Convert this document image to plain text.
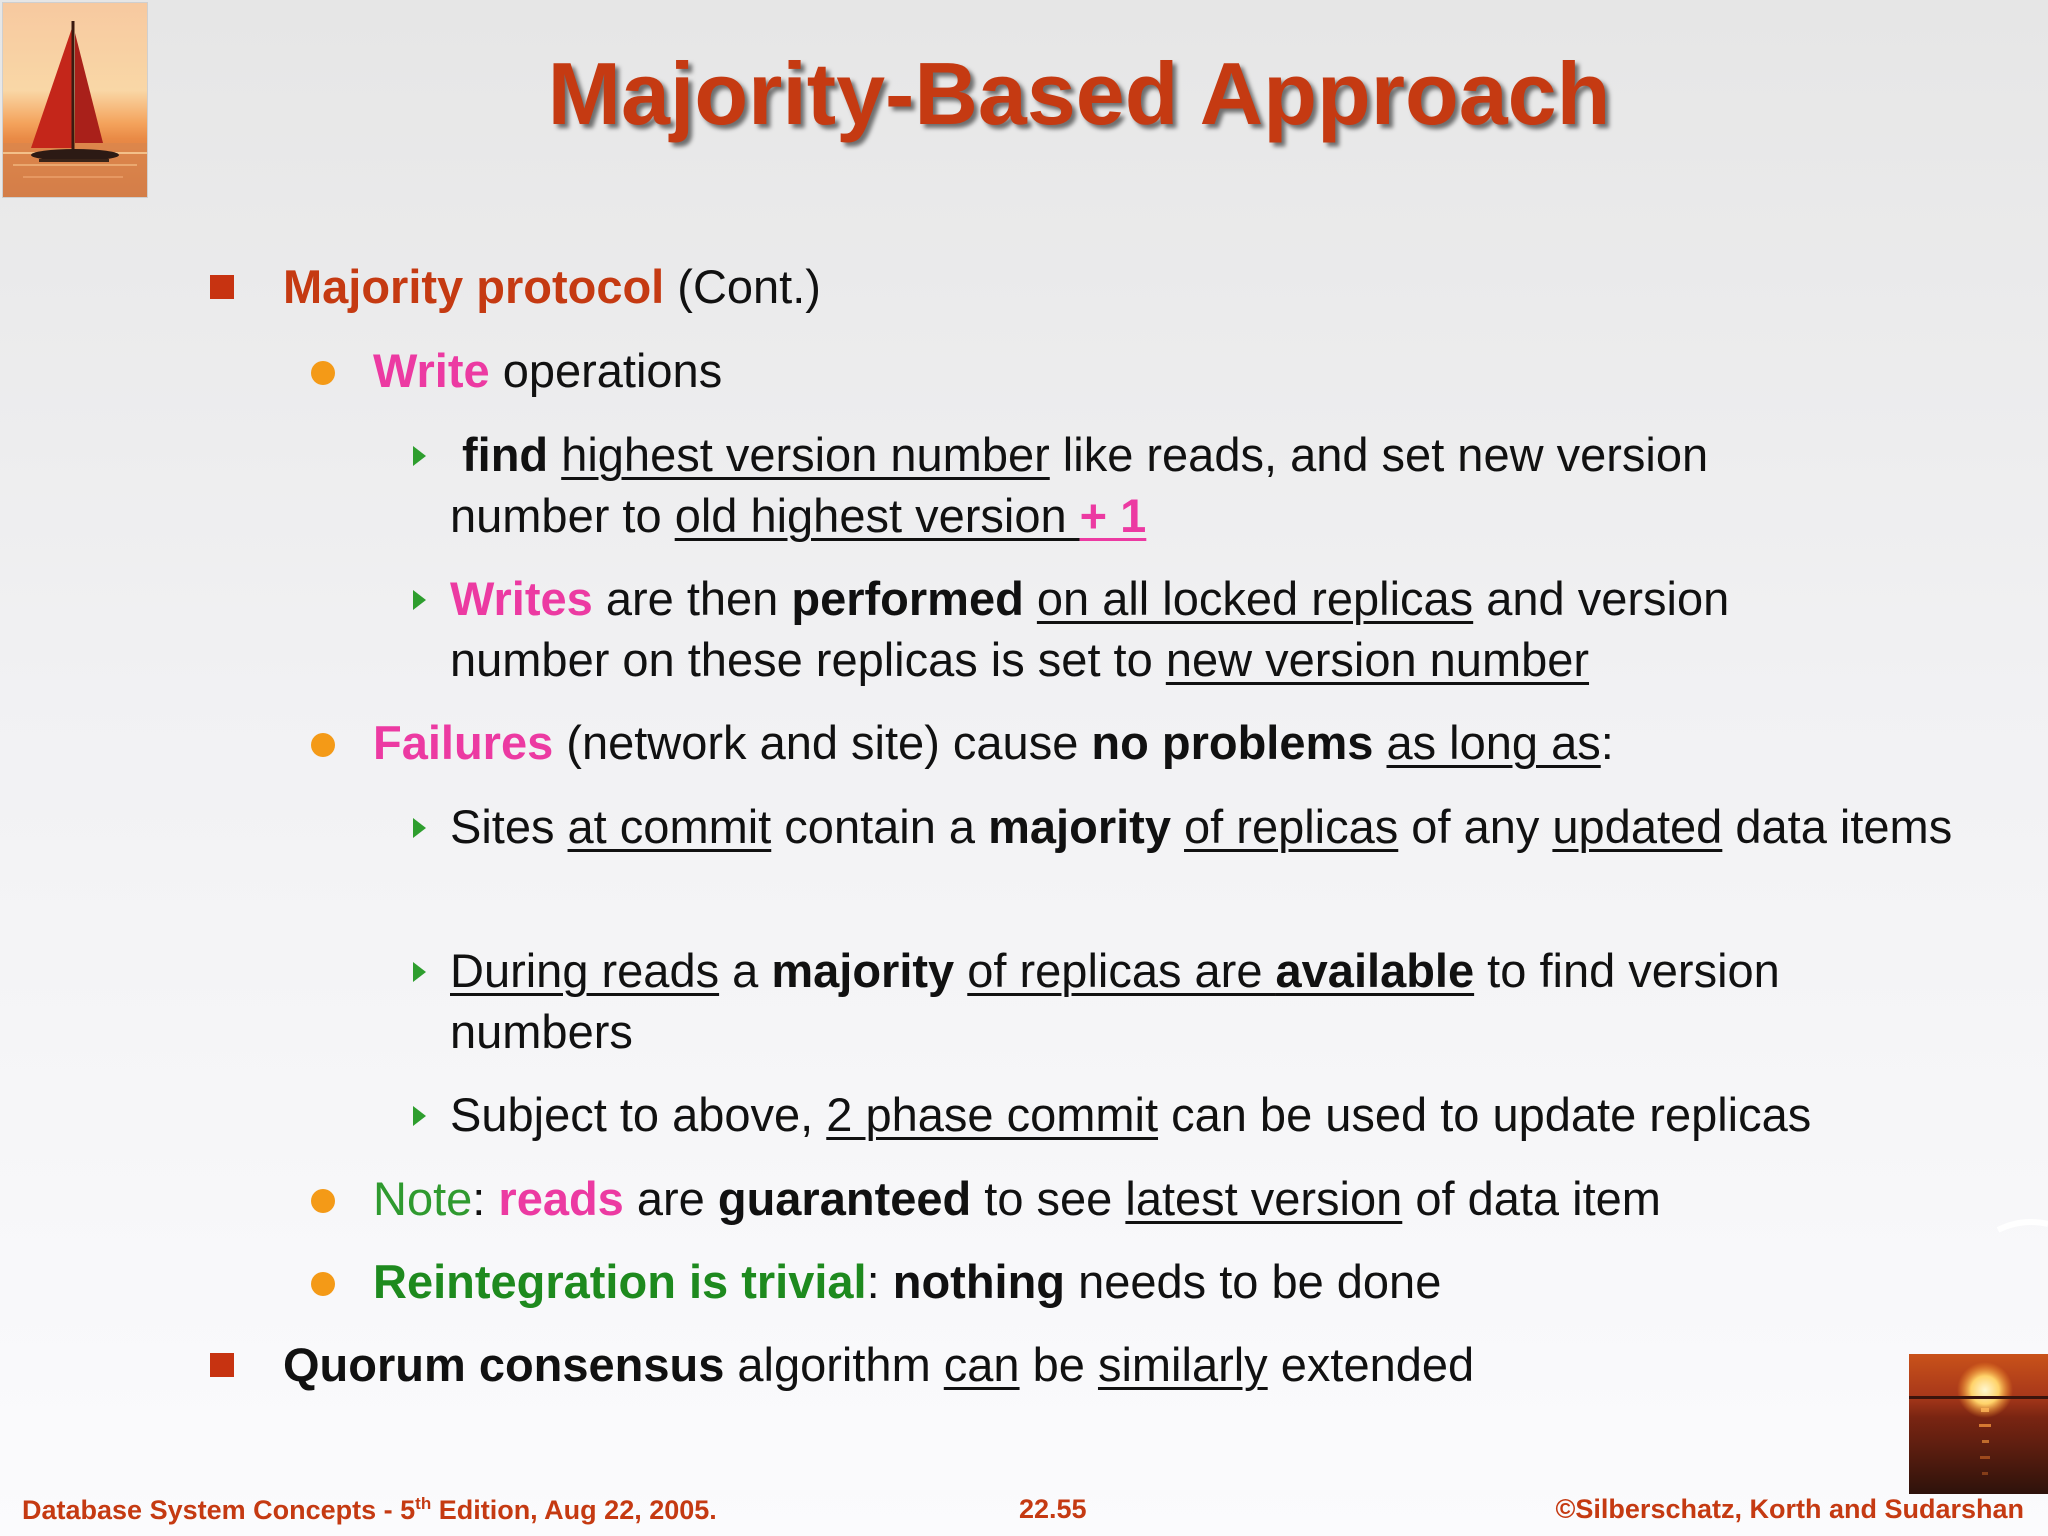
Majority-Based Approach
Majority protocol (Cont.)
Write operations
find highest version number like reads, and set new version number to old highest version + 1
Writes are then performed on all locked replicas and version number on these replicas is set to new version number
Failures (network and site) cause no problems as long as:
Sites at commit contain a majority of replicas of any updated data items
During reads a majority of replicas are available to find version numbers
Subject to above, 2 phase commit can be used to update replicas
Note: reads are guaranteed to see latest version of data item
Reintegration is trivial: nothing needs to be done
Quorum consensus algorithm can be similarly extended
Database System Concepts - 5th Edition, Aug 22, 2005.	22.55	©Silberschatz, Korth and Sudarshan
